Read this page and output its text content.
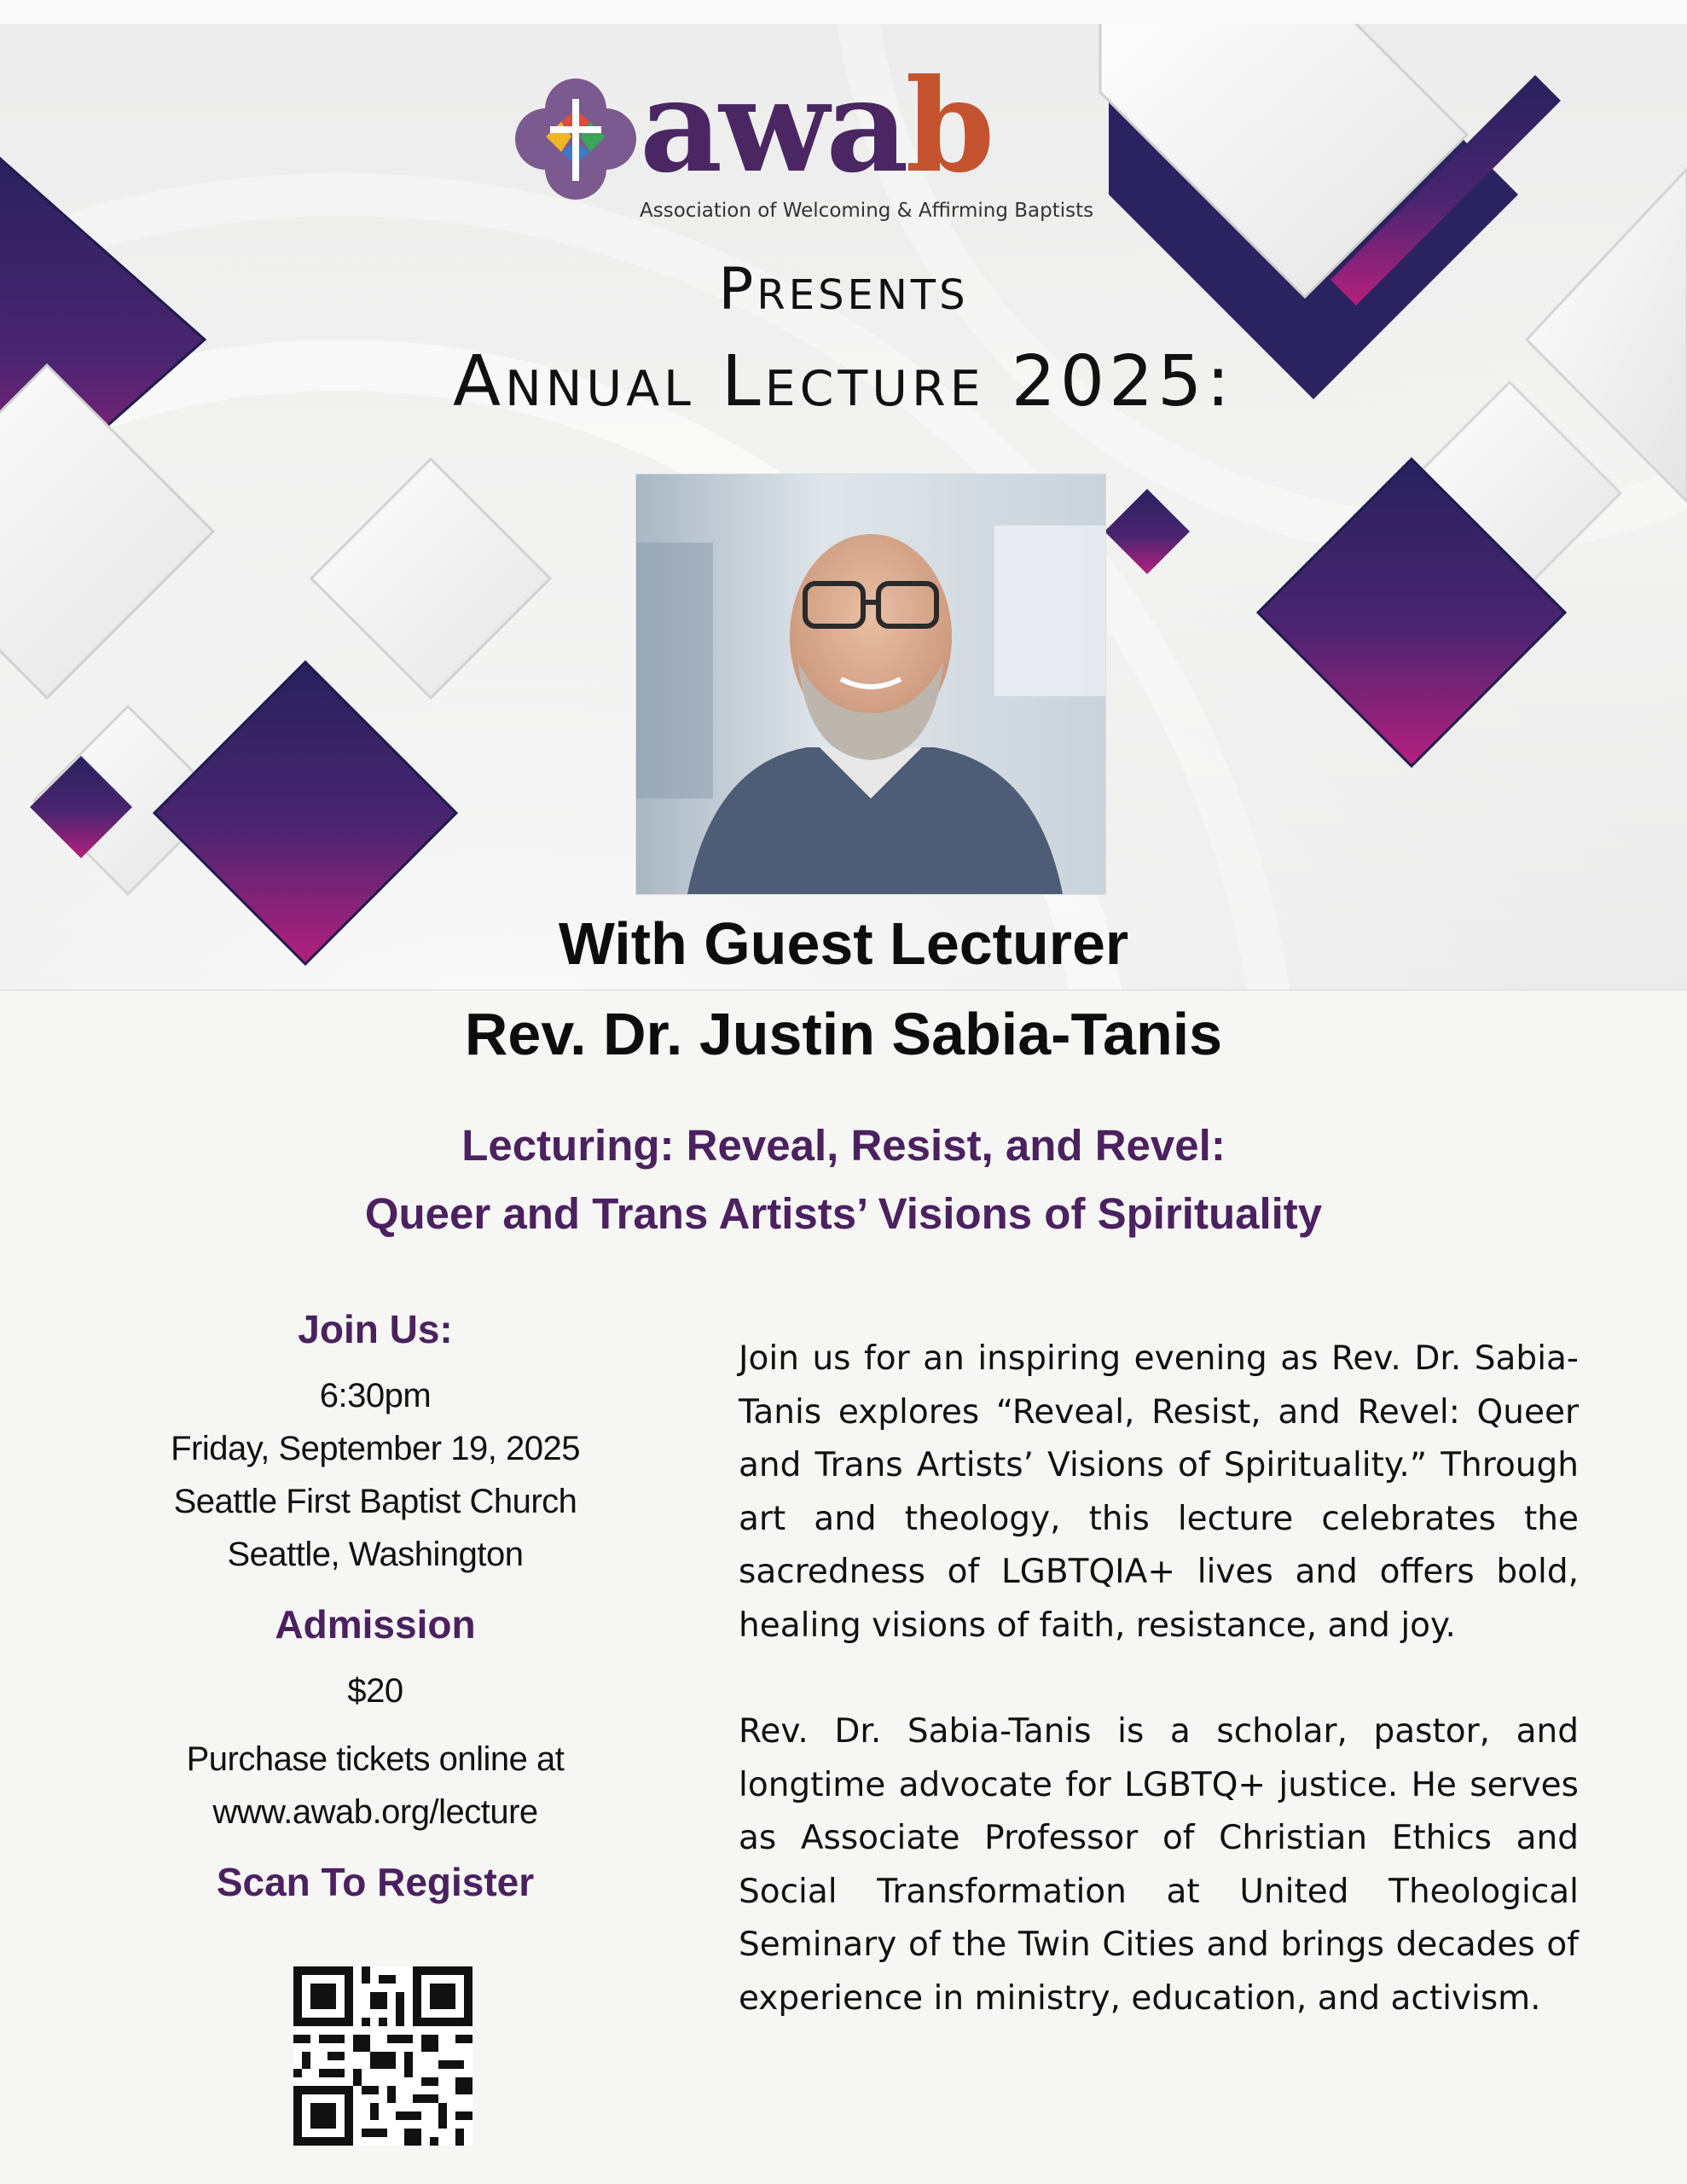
awab
Association of Welcoming & Affirming Baptists
Presents
Annual Lecture 2025:
With Guest Lecturer
Rev. Dr. Justin Sabia-Tanis
Lecturing: Reveal, Resist, and Revel:
Queer and Trans Artists’ Visions of Spirituality
Join Us:
6:30pm
Friday, September 19, 2025
Seattle First Baptist Church
Seattle, Washington
Admission
$20
Purchase tickets online at
www.awab.org/lecture
Scan To Register

Join us for an inspiring evening as Rev. Dr. Sabia-Tanis explores “Reveal, Resist, and Revel: Queer and Trans Artists’ Visions of Spirituality.” Through art and theology, this lecture celebrates the sacredness of LGBTQIA+ lives and offers bold, healing visions of faith, resistance, and joy.

Rev. Dr. Sabia-Tanis is a scholar, pastor, and longtime advocate for LGBTQ+ justice. He serves as Associate Professor of Christian Ethics and Social Transformation at United Theological Seminary of the Twin Cities and brings decades of experience in ministry, education, and activism.
